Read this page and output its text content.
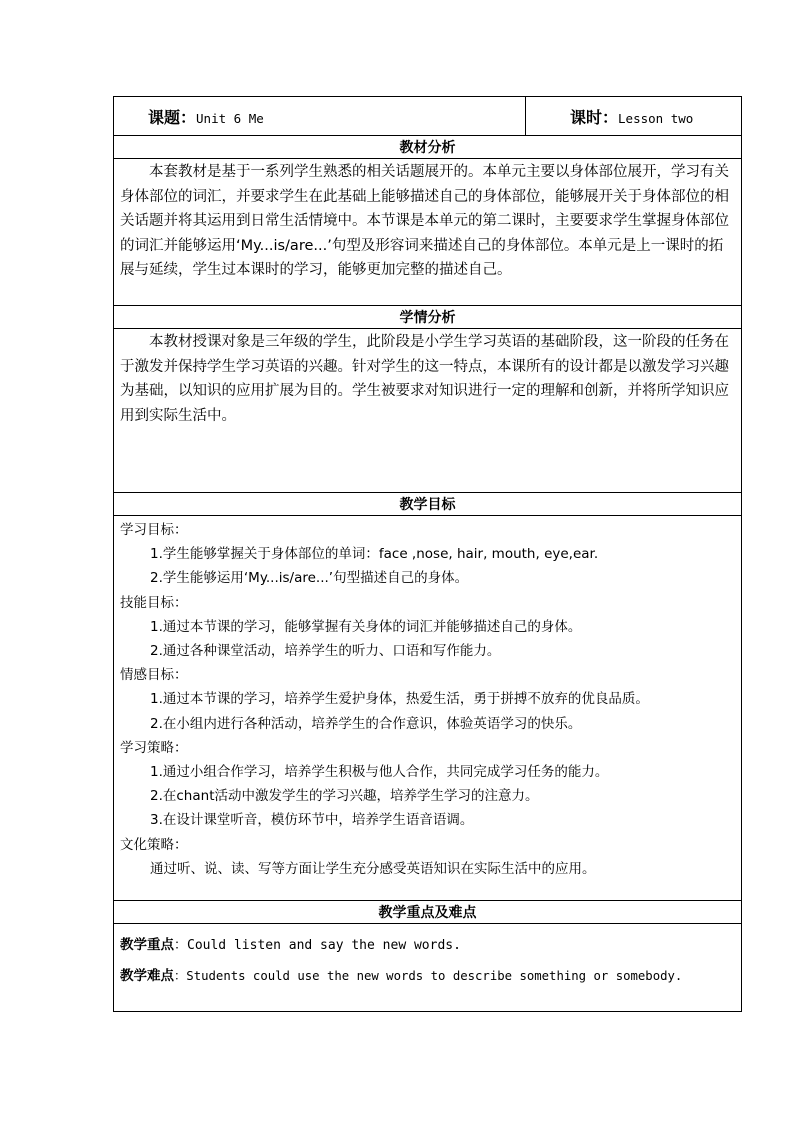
课题：Unit 6 Me	课时：Lesson two
教材分析

本套教材是基于一系列学生熟悉的相关话题展开的。本单元主要以身体部位展开，学习有关身体部位的词汇，并要求学生在此基础上能够描述自己的身体部位，能够展开关于身体部位的相关话题并将其运用到日常生活情境中。本节课是本单元的第二课时，主要要求学生掌握身体部位的词汇并能够运用‘My...is/are...’句型及形容词来描述自己的身体部位。本单元是上一课时的拓展与延续，学生过本课时的学习，能够更加完整的描述自己。

学情分析

本教材授课对象是三年级的学生，此阶段是小学生学习英语的基础阶段，这一阶段的任务在于激发并保持学生学习英语的兴趣。针对学生的这一特点，本课所有的设计都是以激发学习兴趣为基础，以知识的应用扩展为目的。学生被要求对知识进行一定的理解和创新，并将所学知识应用到实际生活中。

教学目标

学习目标：
1.学生能够掌握关于身体部位的单词：face ,nose, hair, mouth, eye,ear.
2.学生能够运用‘My...is/are...’句型描述自己的身体。
技能目标：
1.通过本节课的学习，能够掌握有关身体的词汇并能够描述自己的身体。
2.通过各种课堂活动，培养学生的听力、口语和写作能力。
情感目标：
1.通过本节课的学习，培养学生爱护身体，热爱生活，勇于拼搏不放弃的优良品质。
2.在小组内进行各种活动，培养学生的合作意识，体验英语学习的快乐。
学习策略：
1.通过小组合作学习，培养学生积极与他人合作，共同完成学习任务的能力。
2.在chant活动中激发学生的学习兴趣，培养学生学习的注意力。
3.在设计课堂听音，模仿环节中，培养学生语音语调。
文化策略：
通过听、说、读、写等方面让学生充分感受英语知识在实际生活中的应用。

教学重点及难点

教学重点：Could listen and say the new words.
教学难点：Students could use the new words to describe something or somebody.
